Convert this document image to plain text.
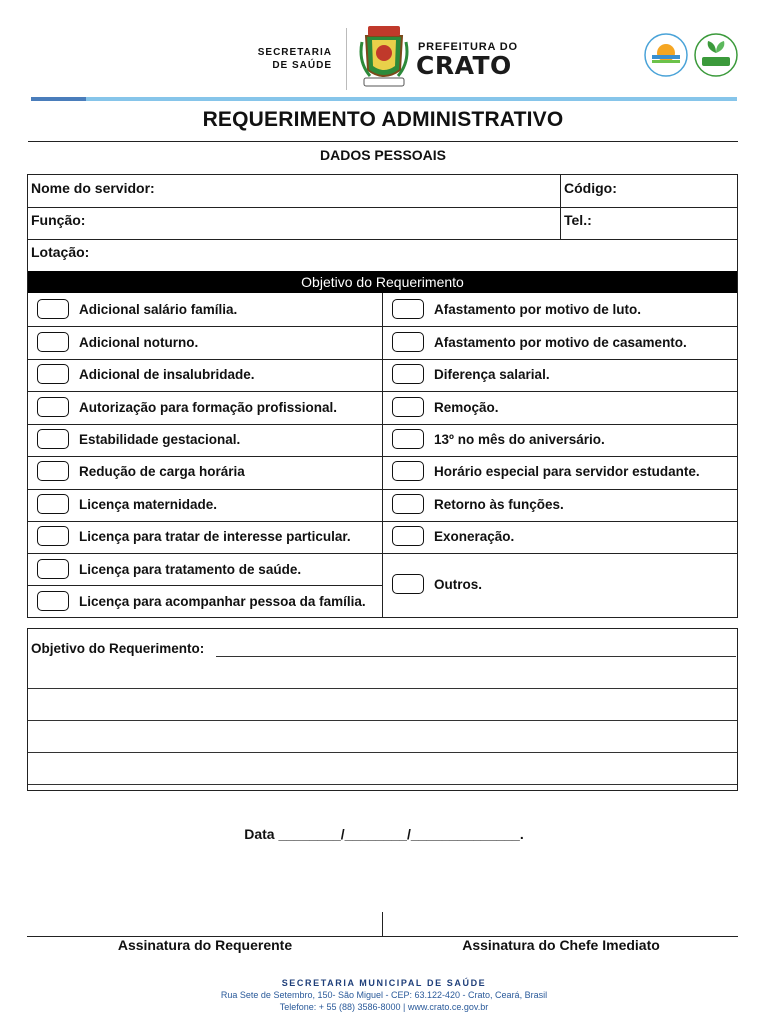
SECRETARIA
DE SAÚDE
PREFEITURA DO
CRATO
REQUERIMENTO ADMINISTRATIVO
DADOS PESSOAIS
Nome do servidor:	Código:
Função:	Tel.:
Lotação:
Objetivo do Requerimento
Adicional salário família.
Adicional noturno.
Adicional de insalubridade.
Autorização para formação profissional.
Estabilidade gestacional.
Redução de carga horária
Licença maternidade.
Licença para tratar de interesse particular.
Licença para tratamento de saúde.
Licença para acompanhar pessoa da família.
Afastamento por motivo de luto.
Afastamento por motivo de casamento.
Diferença salarial.
Remoção.
13º no mês do aniversário.
Horário especial para servidor estudante.
Retorno às funções.
Exoneração.
Outros.
Objetivo do Requerimento:
Data ________/________/______________.
Assinatura do Requerente	Assinatura do Chefe Imediato
SECRETARIA MUNICIPAL DE SAÚDE
Rua Sete de Setembro, 150- São Miguel - CEP: 63.122-420 - Crato, Ceará, Brasil
Telefone: + 55 (88) 3586-8000 | www.crato.ce.gov.br
